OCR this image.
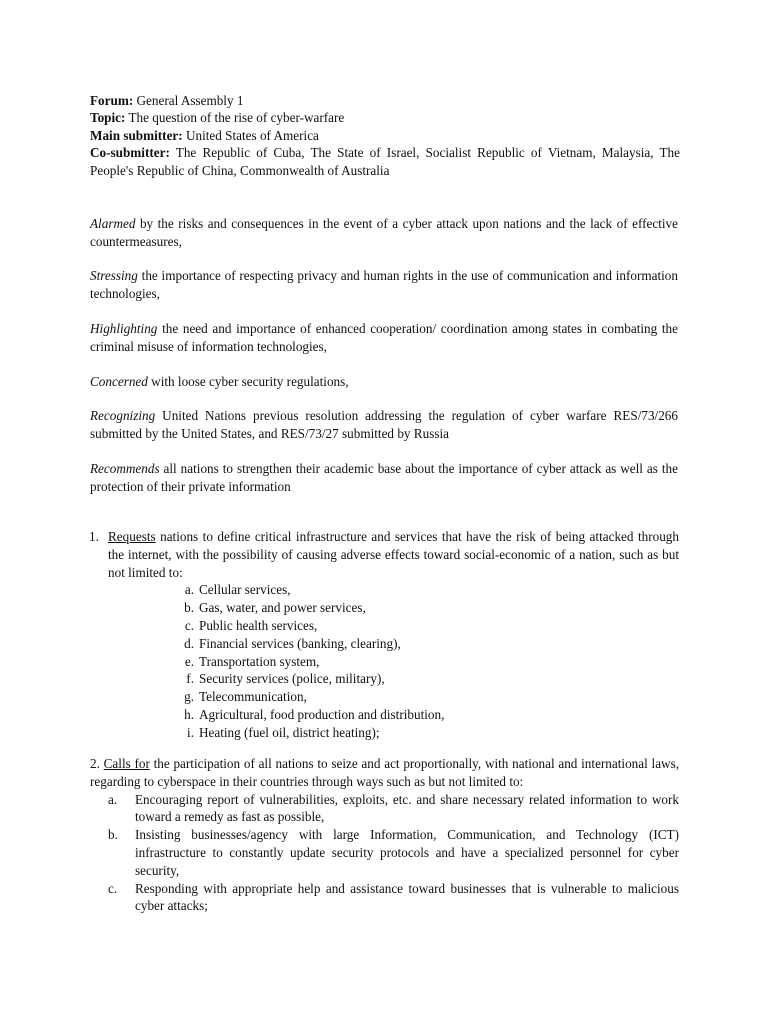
Forum: General Assembly 1
Topic: The question of the rise of cyber-warfare
Main submitter: United States of America
Co-submitter: The Republic of Cuba, The State of Israel, Socialist Republic of Vietnam, Malaysia, The People's Republic of China, Commonwealth of Australia
Alarmed by the risks and consequences in the event of a cyber attack upon nations and the lack of effective countermeasures,
Stressing the importance of respecting privacy and human rights in the use of communication and information technologies,
Highlighting the need and importance of enhanced cooperation/ coordination among states in combating the criminal misuse of information technologies,
Concerned with loose cyber security regulations,
Recognizing United Nations previous resolution addressing the regulation of cyber warfare RES/73/266 submitted by the United States, and RES/73/27 submitted by Russia
Recommends all nations to strengthen their academic base about the importance of cyber attack as well as the protection of their private information
1. Requests nations to define critical infrastructure and services that have the risk of being attacked through the internet, with the possibility of causing adverse effects toward social-economic of a nation, such as but not limited to:
a. Cellular services,
b. Gas, water, and power services,
c. Public health services,
d. Financial services (banking, clearing),
e. Transportation system,
f. Security services (police, military),
g. Telecommunication,
h. Agricultural, food production and distribution,
i. Heating (fuel oil, district heating);
2. Calls for the participation of all nations to seize and act proportionally, with national and international laws, regarding to cyberspace in their countries through ways such as but not limited to:
a.	Encouraging report of vulnerabilities, exploits, etc. and share necessary related information to work toward a remedy as fast as possible,
b.	Insisting businesses/agency with large Information, Communication, and Technology (ICT) infrastructure to constantly update security protocols and have a specialized personnel for cyber security,
c.	Responding with appropriate help and assistance toward businesses that is vulnerable to malicious cyber attacks;
